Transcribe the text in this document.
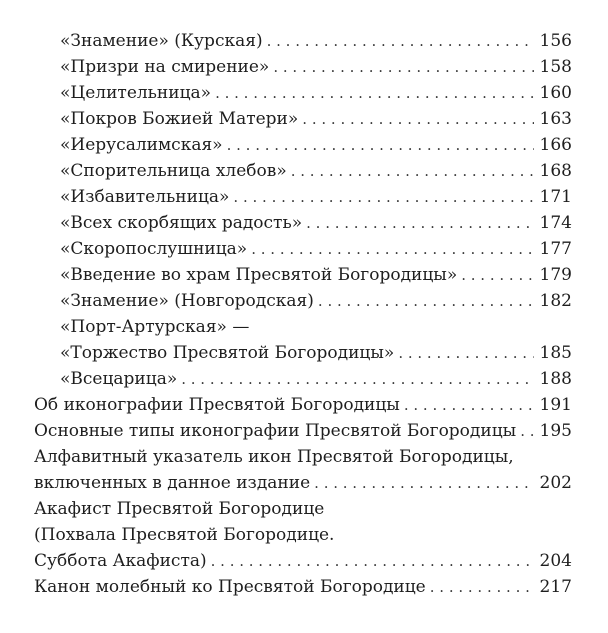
«Знамение» (Курская) . . .	156
«Призри на смирение» . . .	158
«Целительница» . . .	160
«Покров Божией Матери» . . .	163
«Иерусалимская» . . .	166
«Спорительница хлебов» . . .	168
«Избавительница» . . .	171
«Всех скорбящих радость» . . .	174
«Скоропослушница» . . .	177
«Введение во храм Пресвятой Богородицы» . . .	179
«Знамение» (Новгородская) . . .	182
«Порт-Артурская» —
«Торжество Пресвятой Богородицы» . . .	185
«Всецарица» . . .	188
Об иконографии Пресвятой Богородицы . . .	191
Основные типы иконографии Пресвятой Богородицы . . . 195
Алфавитный указатель икон Пресвятой Богородицы,
включенных в данное издание . . .	202
Акафист Пресвятой Богородице
(Похвала Пресвятой Богородице.
Суббота Акафиста) . . .	204
Канон молебный ко Пресвятой Богородице . . .	217
